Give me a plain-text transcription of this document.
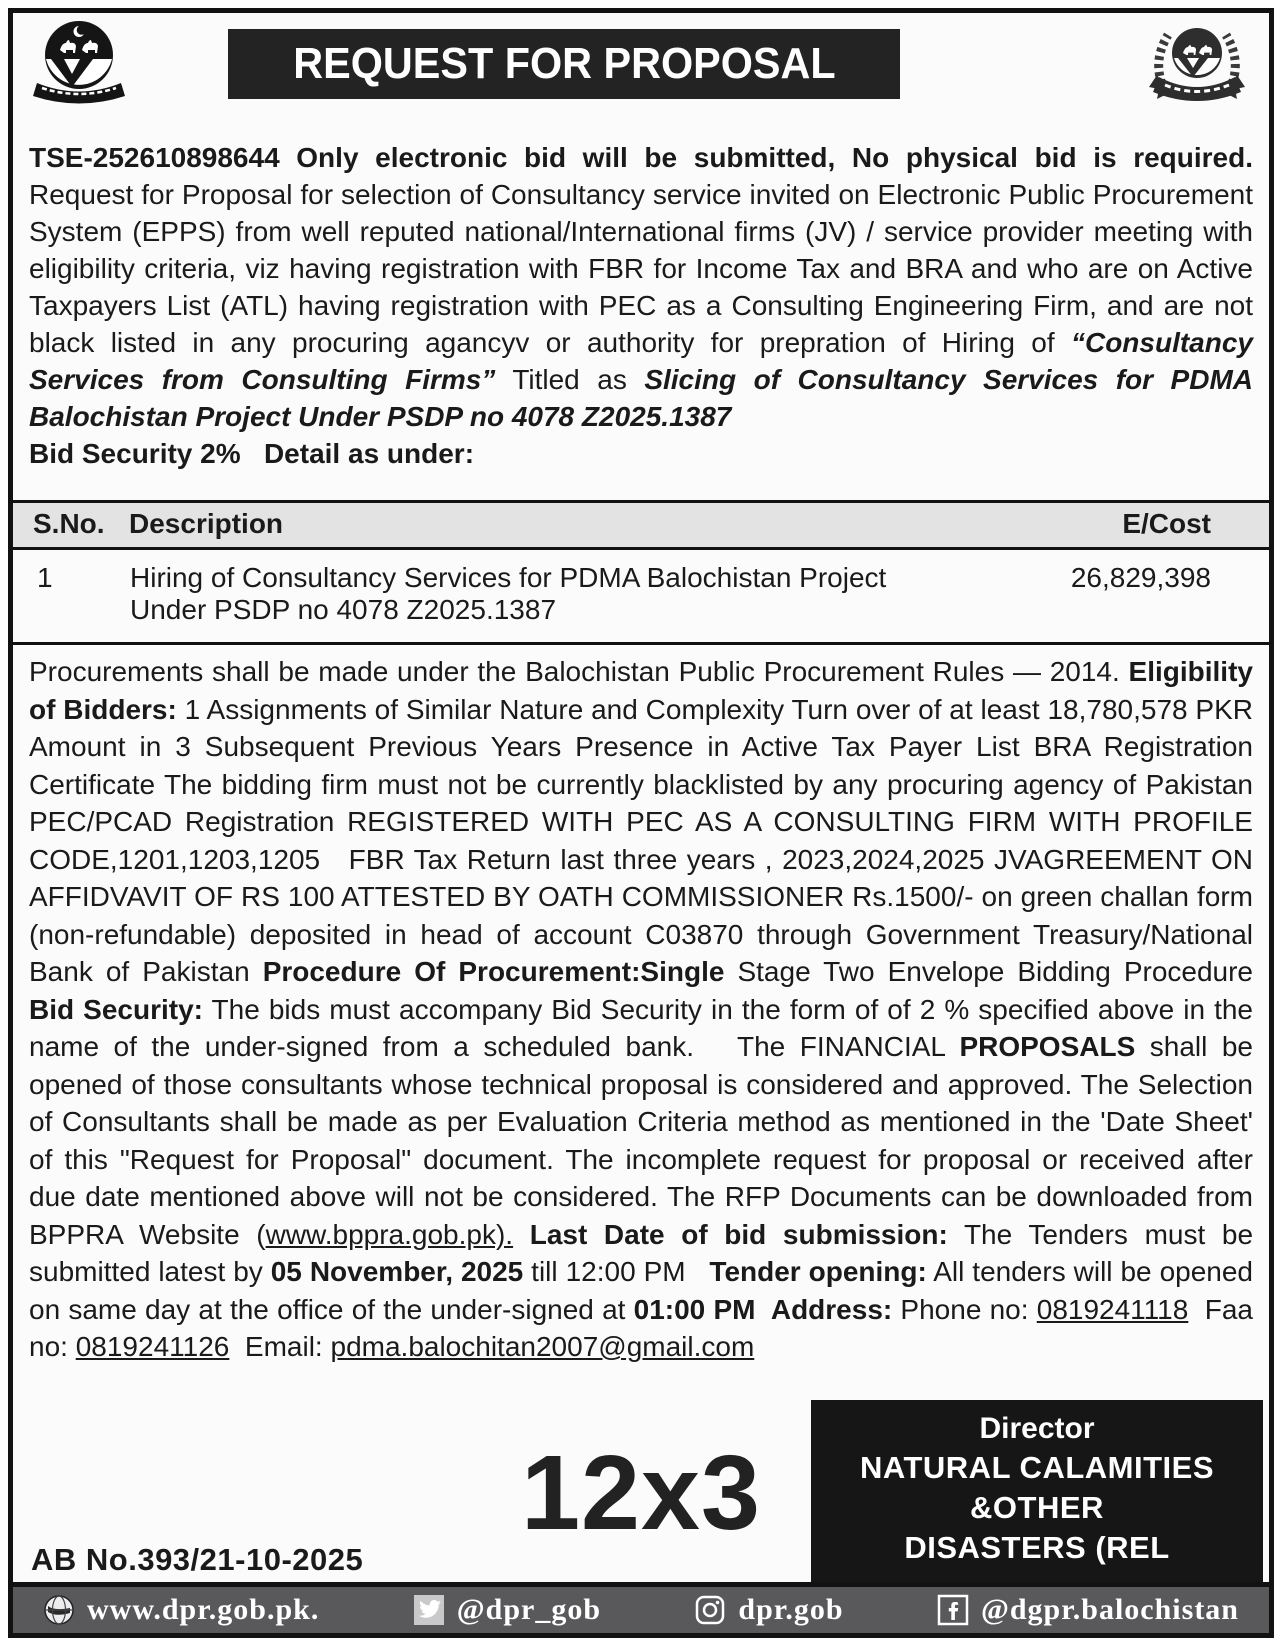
REQUEST FOR PROPOSAL

TSE-252610898644 Only electronic bid will be submitted, No physical bid is required. Request for Proposal for selection of Consultancy service invited on Electronic Public Procurement System (EPPS) from well reputed national/International firms (JV) / service provider meeting with eligibility criteria, viz having registration with FBR for Income Tax and BRA and who are on Active Taxpayers List (ATL) having registration with PEC as a Consulting Engineering Firm, and are not black listed in any procuring agancyv or authority for prepration of Hiring of “Consultancy Services from Consulting Firms” Titled as Slicing of Consultancy Services for PDMA Balochistan Project Under PSDP no 4078 Z2025.1387
Bid Security 2%   Detail as under:

S.No.	Description	E/Cost
1	Hiring of Consultancy Services for PDMA Balochistan Project Under PSDP no 4078 Z2025.1387	26,829,398

Procurements shall be made under the Balochistan Public Procurement Rules — 2014. Eligibility of Bidders: 1 Assignments of Similar Nature and Complexity Turn over of at least 18,780,578 PKR Amount in 3 Subsequent Previous Years Presence in Active Tax Payer List BRA Registration Certificate The bidding firm must not be currently blacklisted by any procuring agency of Pakistan PEC/PCAD Registration REGISTERED WITH PEC AS A CONSULTING FIRM WITH PROFILE CODE,1201,1203,1205   FBR Tax Return last three years , 2023,2024,2025 JVAGREEMENT ON AFFIDVAVIT OF RS 100 ATTESTED BY OATH COMMISSIONER Rs.1500/- on green challan form (non-refundable) deposited in head of account C03870 through Government Treasury/National Bank of Pakistan Procedure Of Procurement:Single Stage Two Envelope Bidding Procedure Bid Security: The bids must accompany Bid Security in the form of of 2 % specified above in the name of the under-signed from a scheduled bank.   The FINANCIAL PROPOSALS shall be opened of those consultants whose technical proposal is considered and approved. The Selection of Consultants shall be made as per Evaluation Criteria method as mentioned in the 'Date Sheet' of this "Request for Proposal" document. The incomplete request for proposal or received after due date mentioned above will not be considered. The RFP Documents can be downloaded from BPPRA Website (www.bppra.gob.pk). Last Date of bid submission: The Tenders must be submitted latest by 05 November, 2025 till 12:00 PM   Tender opening: All tenders will be opened on same day at the office of the under-signed at 01:00 PM  Address: Phone no: 0819241118  Faa no: 0819241126  Email: pdma.balochitan2007@gmail.com

AB No.393/21-10-2025
Director
NATURAL CALAMITIES &OTHER
DISASTERS (REL
www.dpr.gob.pk.	@dpr_gob	dpr.gob	@dgpr.balochistan
12x3
